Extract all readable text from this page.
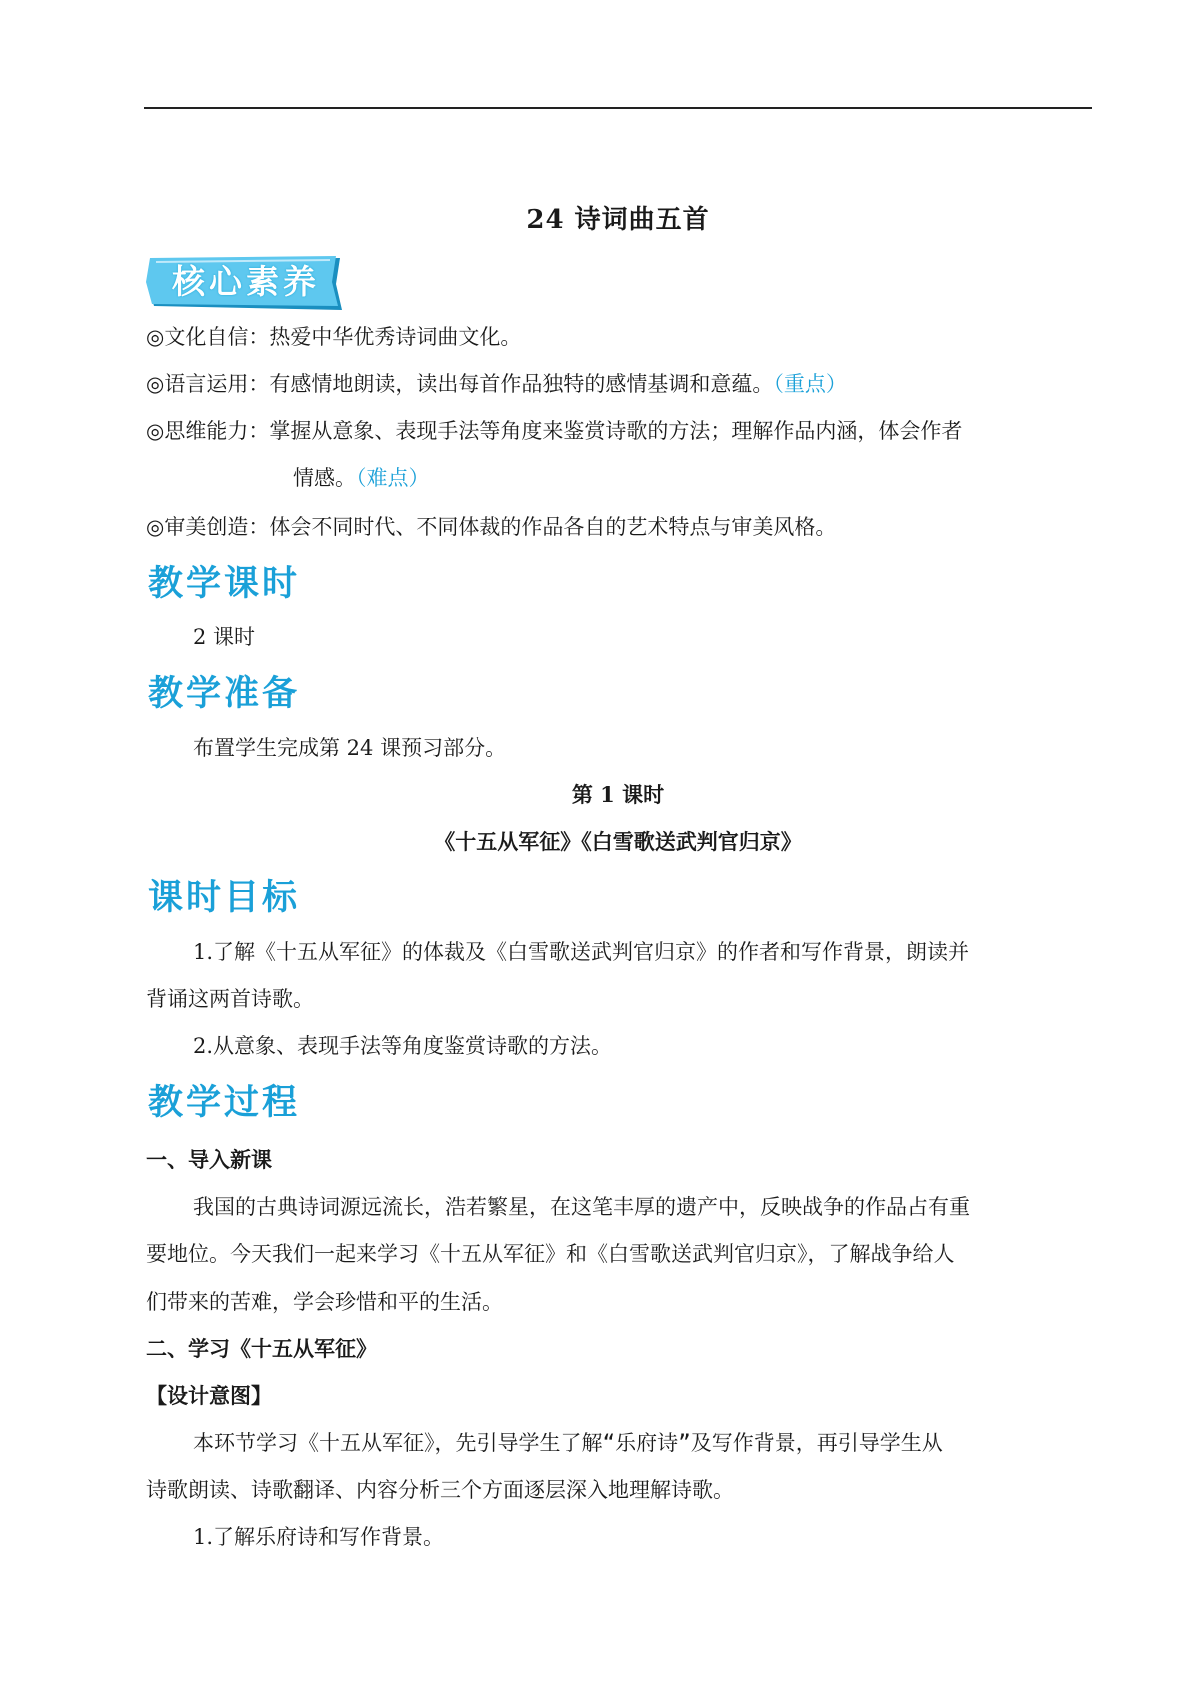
24 诗词曲五首
核心素养
◎文化自信：热爱中华优秀诗词曲文化。
◎语言运用：有感情地朗读，读出每首作品独特的感情基调和意蕴。（重点）
◎思维能力：掌握从意象、表现手法等角度来鉴赏诗歌的方法；理解作品内涵，体会作者
情感。（难点）
◎审美创造：体会不同时代、不同体裁的作品各自的艺术特点与审美风格。
教学课时
2 课时
教学准备
布置学生完成第 24 课预习部分。
第 1 课时
《十五从军征》《白雪歌送武判官归京》
课时目标
1.了解《十五从军征》的体裁及《白雪歌送武判官归京》的作者和写作背景，朗读并
背诵这两首诗歌。
2.从意象、表现手法等角度鉴赏诗歌的方法。
教学过程
一、导入新课
我国的古典诗词源远流长，浩若繁星，在这笔丰厚的遗产中，反映战争的作品占有重
要地位。今天我们一起来学习《十五从军征》和《白雪歌送武判官归京》，了解战争给人
们带来的苦难，学会珍惜和平的生活。
二、学习《十五从军征》
【设计意图】
本环节学习《十五从军征》，先引导学生了解“乐府诗”及写作背景，再引导学生从
诗歌朗读、诗歌翻译、内容分析三个方面逐层深入地理解诗歌。
1.了解乐府诗和写作背景。
